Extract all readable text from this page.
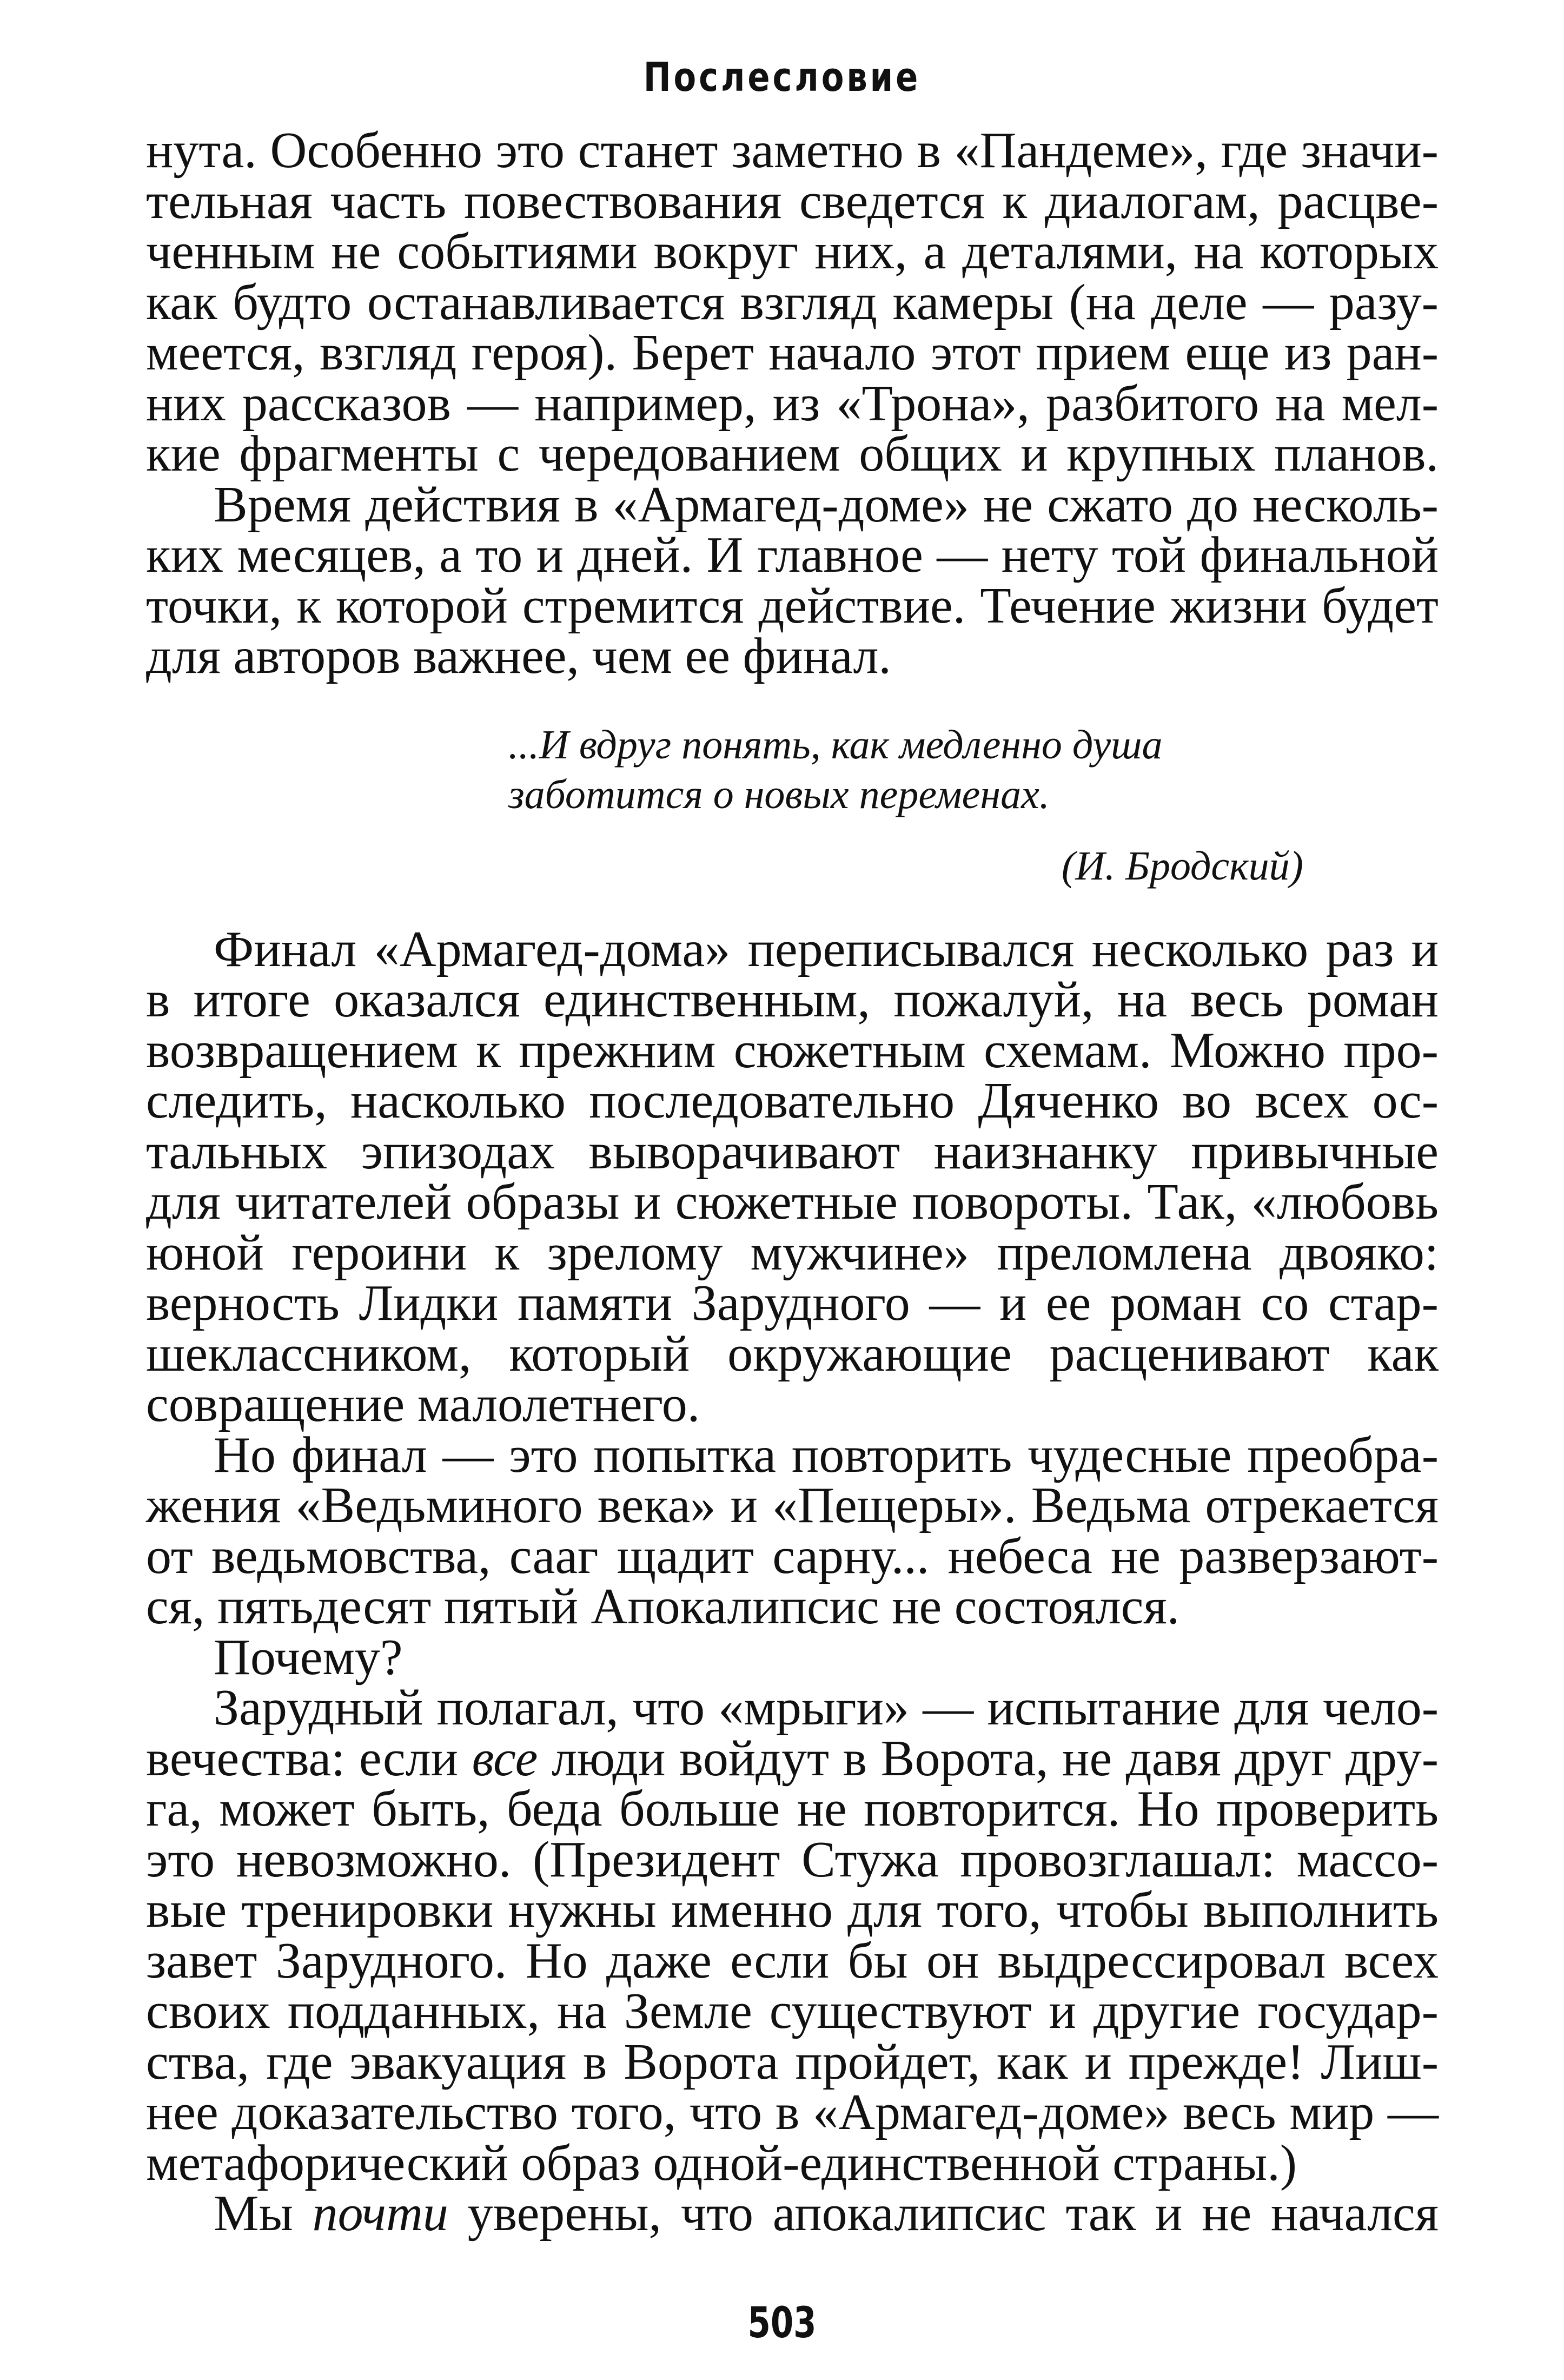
Послесловие
нута. Особенно это станет заметно в «Пандеме», где значи-
тельная часть повествования сведется к диалогам, расцве-
ченным не событиями вокруг них, а деталями, на которых
как будто останавливается взгляд камеры (на деле — разу-
меется, взгляд героя). Берет начало этот прием еще из ран-
них рассказов — например, из «Трона», разбитого на мел-
кие фрагменты с чередованием общих и крупных планов.
Время действия в «Армагед-доме» не сжато до несколь-
ких месяцев, а то и дней. И главное — нету той финальной
точки, к которой стремится действие. Течение жизни будет
для авторов важнее, чем ее финал.
...И вдруг понять, как медленно душа
заботится о новых переменах.
(И. Бродский)
Финал «Армагед-дома» переписывался несколько раз и
в итоге оказался единственным, пожалуй, на весь роман
возвращением к прежним сюжетным схемам. Можно про-
следить, насколько последовательно Дяченко во всех ос-
тальных эпизодах выворачивают наизнанку привычные
для читателей образы и сюжетные повороты. Так, «любовь
юной героини к зрелому мужчине» преломлена двояко:
верность Лидки памяти Зарудного — и ее роман со стар-
шеклассником, который окружающие расценивают как
совращение малолетнего.
Но финал — это попытка повторить чудесные преобра-
жения «Ведьминого века» и «Пещеры». Ведьма отрекается
от ведьмовства, сааг щадит сарну... небеса не разверзают-
ся, пятьдесят пятый Апокалипсис не состоялся.
Почему?
Зарудный полагал, что «мрыги» — испытание для чело-
вечества: если все люди войдут в Ворота, не давя друг дру-
га, может быть, беда больше не повторится. Но проверить
это невозможно. (Президент Стужа провозглашал: массо-
вые тренировки нужны именно для того, чтобы выполнить
завет Зарудного. Но даже если бы он выдрессировал всех
своих подданных, на Земле существуют и другие государ-
ства, где эвакуация в Ворота пройдет, как и прежде! Лиш-
нее доказательство того, что в «Армагед-доме» весь мир —
метафорический образ одной-единственной страны.)
Мы почти уверены, что апокалипсис так и не начался
503
